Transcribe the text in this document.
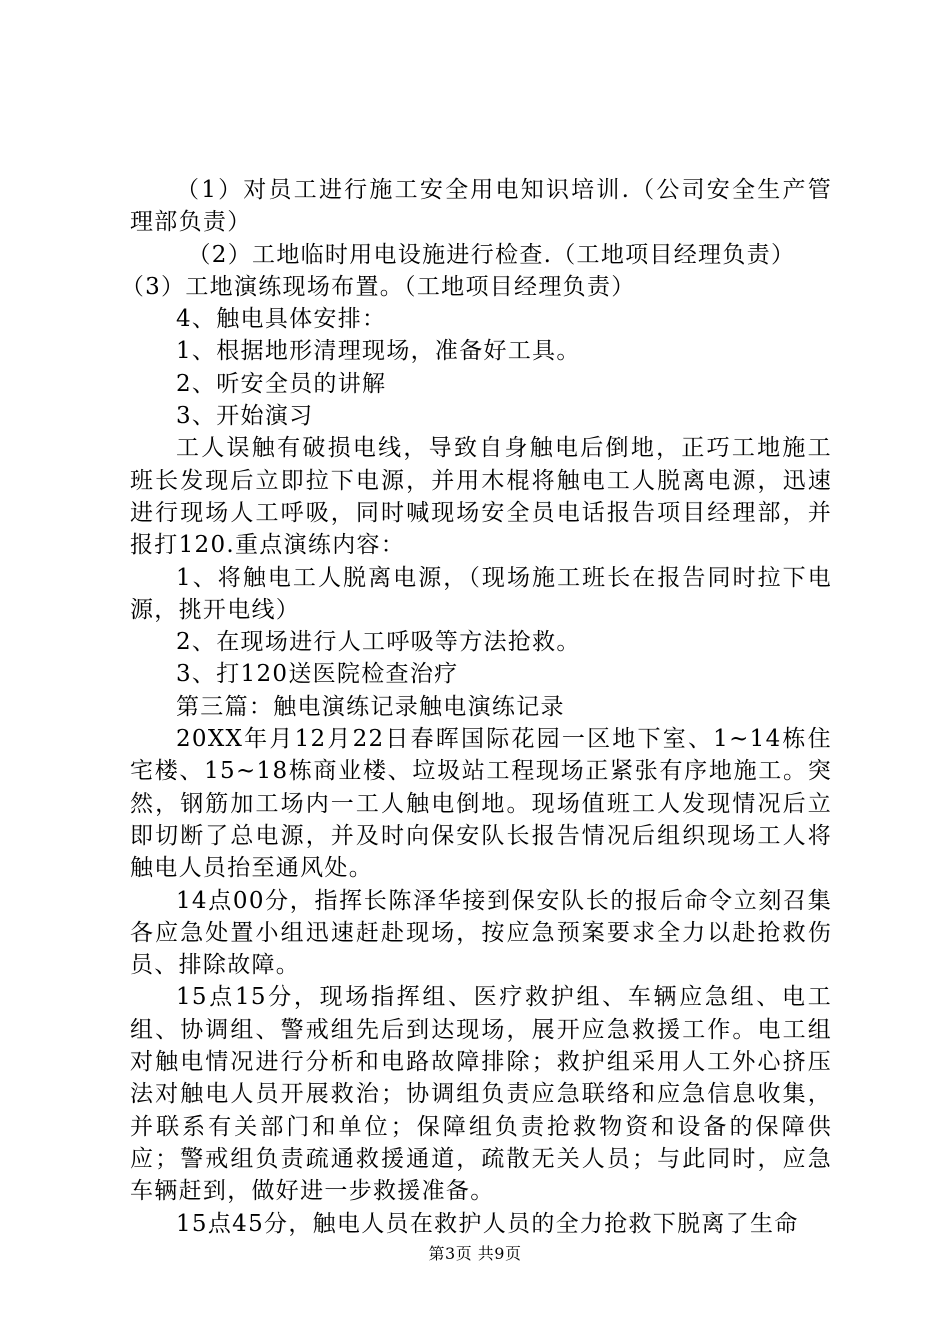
（1）对员工进行施工安全用电知识培训.（公司安全生产管理部负责）

（2）工地临时用电设施进行检查.（工地项目经理负责）

（3）工地演练现场布置。（工地项目经理负责）

4、触电具体安排：

1、根据地形清理现场，准备好工具。

2、听安全员的讲解

3、开始演习

工人误触有破损电线，导致自身触电后倒地，正巧工地施工班长发现后立即拉下电源，并用木棍将触电工人脱离电源，迅速进行现场人工呼吸，同时喊现场安全员电话报告项目经理部，并报打120.重点演练内容：

1、将触电工人脱离电源，（现场施工班长在报告同时拉下电源，挑开电线）

2、在现场进行人工呼吸等方法抢救。

3、打120送医院检查治疗

第三篇：触电演练记录触电演练记录

20XX年月12月22日春晖国际花园一区地下室、1~14栋住宅楼、15~18栋商业楼、垃圾站工程现场正紧张有序地施工。突然，钢筋加工场内一工人触电倒地。现场值班工人发现情况后立即切断了总电源，并及时向保安队长报告情况后组织现场工人将触电人员抬至通风处。

14点00分，指挥长陈泽华接到保安队长的报后命令立刻召集各应急处置小组迅速赶赴现场，按应急预案要求全力以赴抢救伤员、排除故障。

15点15分，现场指挥组、医疗救护组、车辆应急组、电工组、协调组、警戒组先后到达现场，展开应急救援工作。电工组对触电情况进行分析和电路故障排除；救护组采用人工外心挤压法对触电人员开展救治；协调组负责应急联络和应急信息收集，并联系有关部门和单位；保障组负责抢救物资和设备的保障供应；警戒组负责疏通救援通道，疏散无关人员；与此同时，应急车辆赶到，做好进一步救援准备。

15点45分，触电人员在救护人员的全力抢救下脱离了生命

第3页 共9页
